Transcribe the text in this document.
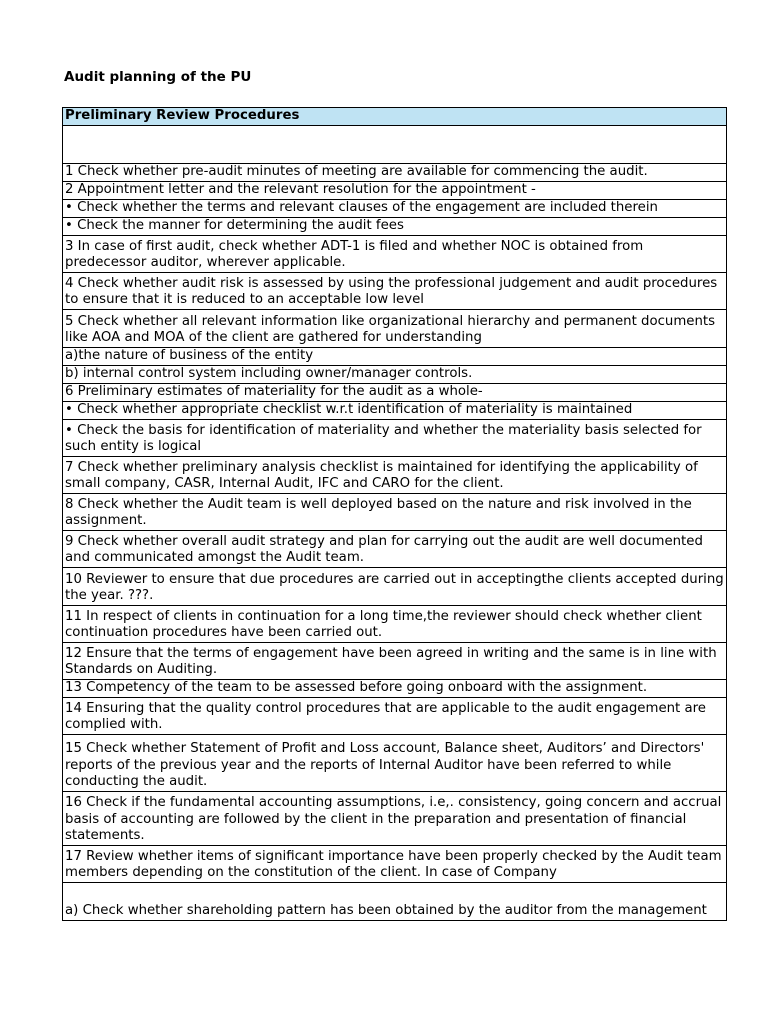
Audit planning of the PU
Preliminary Review Procedures

1 Check whether pre-audit minutes of meeting are available for commencing the audit.
2 Appointment letter and the relevant resolution for the appointment -
• Check whether the terms and relevant clauses of the engagement are included therein
• Check the manner for determining the audit fees
3 In case of first audit, check whether ADT-1 is filed and whether NOC is obtained from predecessor auditor, wherever applicable.
4 Check whether audit risk is assessed by using the professional judgement and audit procedures to ensure that it is reduced to an acceptable low level
5 Check whether all relevant information like organizational hierarchy and permanent documents like AOA and MOA of the client are gathered for understanding
a)the nature of business of the entity
b) internal control system including owner/manager controls.
6 Preliminary estimates of materiality for the audit as a whole-
• Check whether appropriate checklist w.r.t identification of materiality is maintained
• Check the basis for identification of materiality and whether the materiality basis selected for such entity is logical
7 Check whether preliminary analysis checklist is maintained for identifying the applicability of small company, CASR, Internal Audit, IFC and CARO for the client.
8 Check whether the Audit team is well deployed based on the nature and risk involved in the assignment.
9 Check whether overall audit strategy and plan for carrying out the audit are well documented and communicated amongst the Audit team.
10 Reviewer to ensure that due procedures are carried out in acceptingthe clients accepted during the year. ???.
11 In respect of clients in continuation for a long time,the reviewer should check whether client continuation procedures have been carried out.
12 Ensure that the terms of engagement have been agreed in writing and the same is in line with Standards on Auditing.
13 Competency of the team to be assessed before going onboard with the assignment.
14 Ensuring that the quality control procedures that are applicable to the audit engagement are complied with.
15 Check whether Statement of Profit and Loss account, Balance sheet, Auditors’ and Directors' reports of the previous year and the reports of Internal Auditor have been referred to while conducting the audit.
16 Check if the fundamental accounting assumptions, i.e,. consistency, going concern and accrual basis of accounting are followed by the client in the preparation and presentation of financial statements.
17 Review whether items of significant importance have been properly checked by the Audit team members depending on the constitution of the client. In case of Company
a) Check whether shareholding pattern has been obtained by the auditor from the management
